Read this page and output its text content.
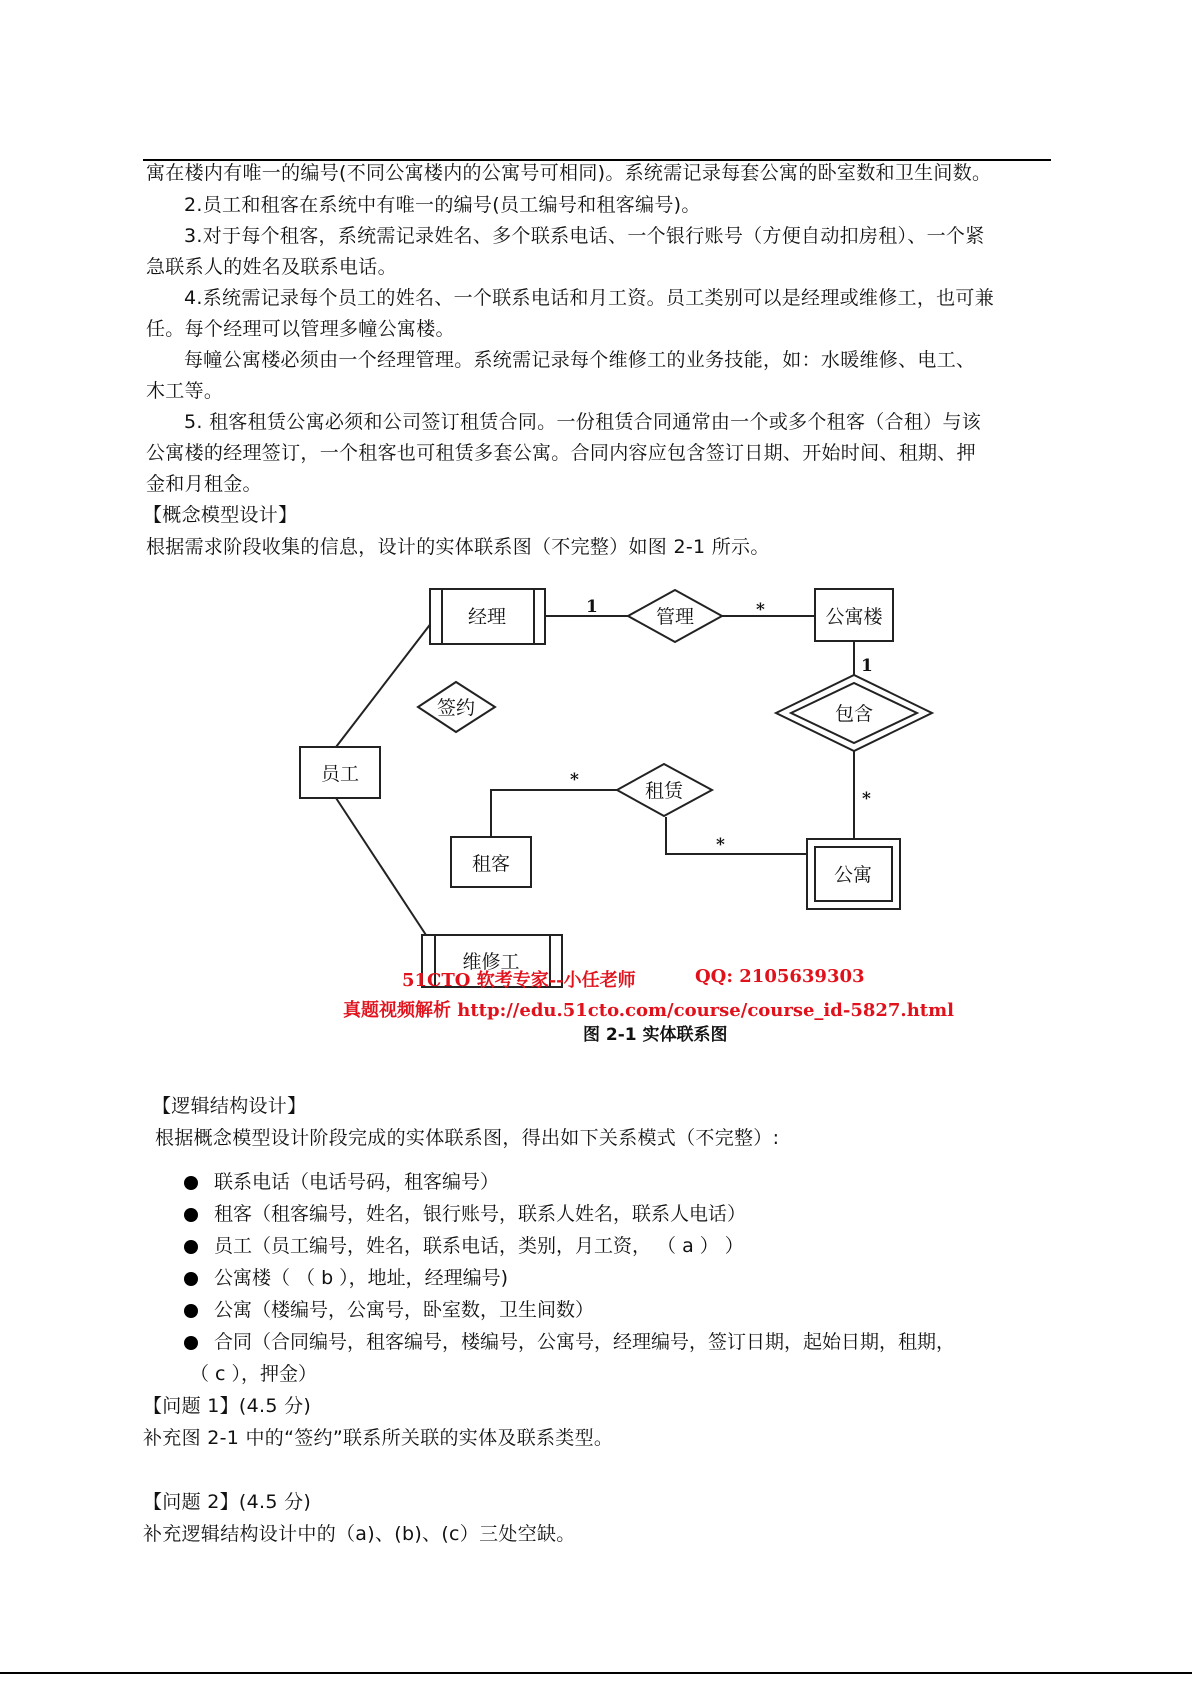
寓在楼内有唯一的编号(不同公寓楼内的公寓号可相同)。系统需记录每套公寓的卧室数和卫生间数。
2.员工和租客在系统中有唯一的编号(员工编号和租客编号)。
3.对于每个租客，系统需记录姓名、多个联系电话、一个银行账号（方便自动扣房租）、一个紧
急联系人的姓名及联系电话。
4.系统需记录每个员工的姓名、一个联系电话和月工资。员工类别可以是经理或维修工，也可兼
任。每个经理可以管理多幢公寓楼。
每幢公寓楼必须由一个经理管理。系统需记录每个维修工的业务技能，如：水暖维修、电工、
木工等。
5. 租客租赁公寓必须和公司签订租赁合同。一份租赁合同通常由一个或多个租客（合租）与该
公寓楼的经理签订，一个租客也可租赁多套公寓。合同内容应包含签订日期、开始时间、租期、押
金和月租金。
【概念模型设计】
根据需求阶段收集的信息，设计的实体联系图（不完整）如图 2-1 所示。
经理	公寓楼
员工
租客	公寓
维修工
管理
签约	包含
租赁
1	*
1
*
*
*
51CTO 软考专家--小任老师	QQ: 2105639303
真题视频解析 http://edu.51cto.com/course/course_id-5827.html
图 2-1 实体联系图
【逻辑结构设计】
根据概念模型设计阶段完成的实体联系图，得出如下关系模式（不完整）:
联系电话（电话号码，租客编号）
租客（租客编号，姓名，银行账号，联系人姓名，联系人电话）
员工（员工编号，姓名，联系电话，类别，月工资， （ a ） ）
公寓楼（ （ b ），地址，经理编号)
公寓（楼编号，公寓号，卧室数，卫生间数）
合同（合同编号，租客编号，楼编号，公寓号，经理编号，签订日期，起始日期，租期，
（ c ），押金）
【问题 1】(4.5 分)
补充图 2-1 中的“签约”联系所关联的实体及联系类型。
【问题 2】(4.5 分)
补充逻辑结构设计中的（a)、(b)、(c）三处空缺。
